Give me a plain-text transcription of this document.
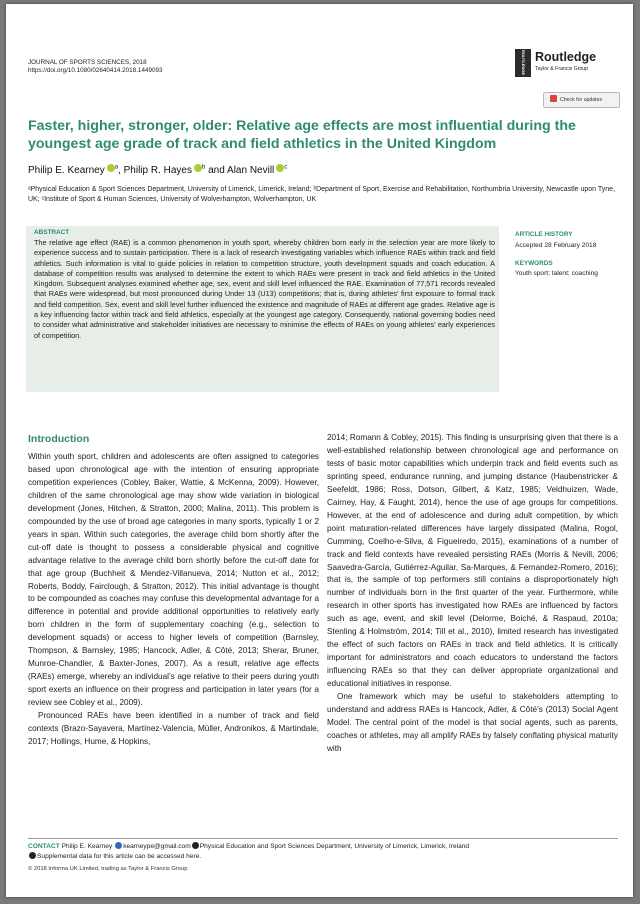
JOURNAL OF SPORTS SCIENCES, 2018
https://doi.org/10.1080/02640414.2018.1449093	ROUTLEDGE Routledge
Taylor & Francis Group
Check for updates
Faster, higher, stronger, older: Relative age effects are most influential during the youngest age grade of track and field athletics in the United Kingdom
Philip E. Kearney $^a$, Philip R. Hayes $^b$ and Alan Nevill $^c$
ᵃPhysical Education & Sport Sciences Department, University of Limerick, Limerick, Ireland; ᵇDepartment of Sport, Exercise and Rehabilitation, Northumbria University, Newcastle upon Tyne, UK; ᶜInstitute of Sport & Human Sciences, University of Wolverhampton, Wolverhampton, UK
ABSTRACT
The relative age effect (RAE) is a common phenomenon in youth sport, whereby children born early in the selection year are more likely to experience success and to sustain participation. There is a lack of research investigating variables which influence RAEs within track and field athletics. Such information is vital to guide policies in relation to competition structure, youth development squads and coach education. A database of competition results was analysed to determine the extent to which RAEs were present in track and field athletics in the United Kingdom. Subsequent analyses examined whether age, sex, event and skill level influenced the RAE. Examination of 77,571 records revealed that RAEs were widespread, but most pronounced during Under 13 (U13) competitions; that is, during athletes’ first exposure to formal track and field competition. Sex, event and skill level further influenced the existence and magnitude of RAEs at different age grades. Relative age is a key influencing factor within track and field athletics, especially at the youngest age category. Consequently, national governing bodies need to consider what administrative and stakeholder initiatives are necessary to minimise the effects of RAEs on young athletes’ early experiences of competition.
ARTICLE HISTORY
Accepted 28 February 2018
KEYWORDS
Youth sport; talent; coaching
Introduction

Within youth sport, children and adolescents are often assigned to categories based upon chronological age with the intention of ensuring appropriate competition experiences (Cobley, Baker, Wattie, & McKenna, 2009). However, children of the same chronological age may show wide variation in biological development (Jones, Hitchen, & Stratton, 2000; Malina, 2011). This problem is compounded by the use of broad age categories in many sports, typically 1 or 2 years in span. Within such categories, the average child born shortly after the cut-off date is thought to possess a considerable physical and cognitive advantage relative to the average child born shortly before the cut-off date for that age group (Buchheit & Mendez-Villanueva, 2014; Nutton et al., 2012; Roberts, Boddy, Fairclough, & Stratton, 2012). This initial advantage is thought to be compounded as coaches may confuse this developmental advantage for a difference in potential and provide additional opportunities to relatively early born children in the form of supplementary coaching (e.g., selection to development squads) or access to higher levels of competition (Barnsley, Thompson, & Barnsley, 1985; Hancock, Adler, & Côté, 2013; Sherar, Bruner, Munroe-Chandler, & Baxter-Jones, 2007). As a result, relative age effects (RAEs) emerge, whereby an individual’s age relative to their peers during youth sport exerts an influence on their progress and participation in later years (for a review see Cobley et al., 2009).

Pronounced RAEs have been identified in a number of track and field contexts (Brazo-Sayavera, Martínez-Valencia, Müller, Andronikos, & Martindale, 2017; Hollings, Hume, & Hopkins,

2014; Romann & Cobley, 2015). This finding is unsurprising given that there is a well-established relationship between chronological age and performance on tests of basic motor capabilities which underpin track and field events such as sprinting speed, endurance running, and jumping distance (Haubenstricker & Seefeldt, 1986; Ross, Dotson, Gilbert, & Katz, 1985; Veldhuizen, Wade, Cairney, Hay, & Faught, 2014), hence the use of age groups for competitions. However, at the end of adolescence and during adult competition, by which point maturation-related differences have largely dissipated (Malina, Rogol, Cumming, Coelho-e-Silva, & Figueiredo, 2015), examinations of a number of track and field contexts have revealed persisting RAEs (Morris & Nevill, 2006; Saavedra-García, Gutiérrez-Aguilar, Sa-Marques, & Fernandez-Romero, 2016); that is, the sample of top performers still contains a disproportionately high number of individuals born in the first quarter of the year. Furthermore, while research in other sports has investigated how RAEs are influenced by factors such as age, event, and skill level (Delorme, Boiché, & Raspaud, 2010a; Stenling & Holmström, 2014; Till et al., 2010), limited research has investigated the effect of such factors on RAEs in track and field athletics. It is critically important for administrators and coach educators to understand the factors influencing RAEs so that they can deliver appropriate organizational and educational initiatives in response.

One framework which may be useful to stakeholders attempting to understand and address RAEs is Hancock, Adler, & Côté’s (2013) Social Agent Model. The central point of the model is that social agents, such as parents, coaches or athletes, may all amplify RAEs by falsely conflating physical maturity with

CONTACT Philip E. Kearney kearneype@gmail.com Physical Education and Sport Sciences Department, University of Limerick, Limerick, Ireland
Supplemental data for this article can be accessed here.
© 2018 Informa UK Limited, trading as Taylor & Francis Group
